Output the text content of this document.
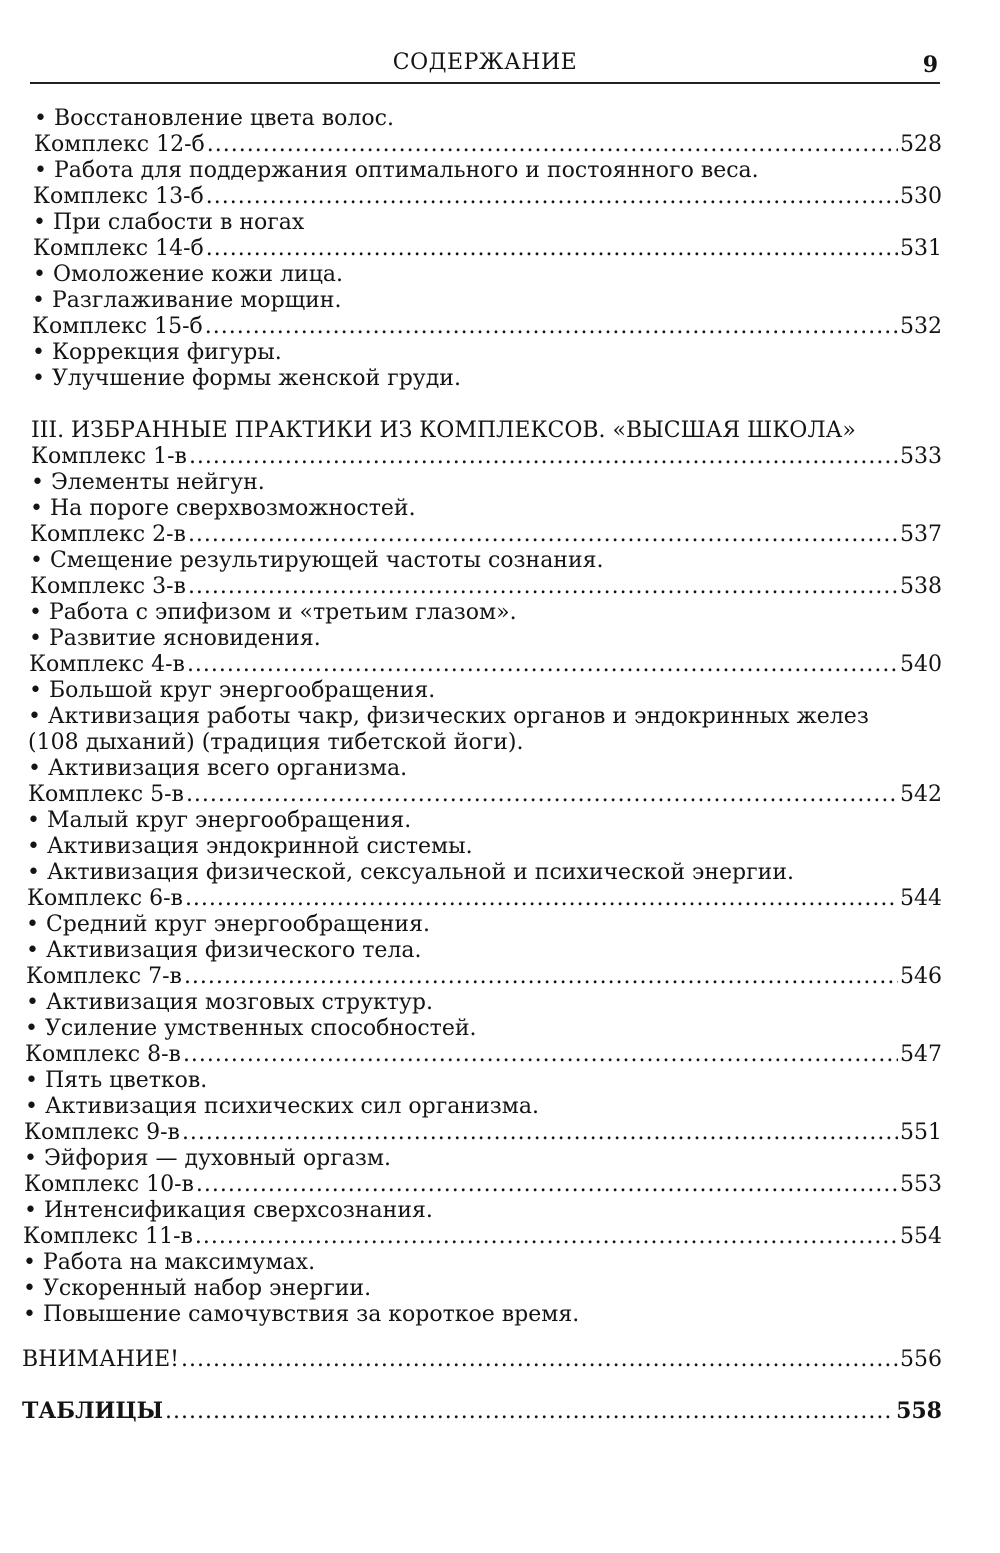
СОДЕРЖАНИЕ	9
• Восстановление цвета волос.
Комплекс 12-б .....	528
• Работа для поддержания оптимального и постоянного веса.
Комплекс 13-б .....	530
• При слабости в ногах
Комплекс 14-б .....	531
• Омоложение кожи лица.
• Разглаживание морщин.
Комплекс 15-б .....	532
• Коррекция фигуры.
• Улучшение формы женской груди.
III. ИЗБРАННЫЕ ПРАКТИКИ ИЗ КОМПЛЕКСОВ. «ВЫСШАЯ ШКОЛА»
Комплекс 1-в .....	533
• Элементы нейгун.
• На пороге сверхвозможностей.
Комплекс 2-в .....	537
• Смещение результирующей частоты сознания.
Комплекс 3-в .....	538
• Работа с эпифизом и «третьим глазом».
• Развитие ясновидения.
Комплекс 4-в .....	540
• Большой круг энергообращения.
• Активизация работы чакр, физических органов и эндокринных желез
(108 дыханий) (традиция тибетской йоги).
• Активизация всего организма.
Комплекс 5-в .....	542
• Малый круг энергообращения.
• Активизация эндокринной системы.
• Активизация физической, сексуальной и психической энергии.
Комплекс 6-в .....	544
• Средний круг энергообращения.
• Активизация физического тела.
Комплекс 7-в .....	546
• Активизация мозговых структур.
• Усиление умственных способностей.
Комплекс 8-в .....	547
• Пять цветков.
• Активизация психических сил организма.
Комплекс 9-в .....	551
• Эйфория — духовный оргазм.
Комплекс 10-в .....	553
• Интенсификация сверхсознания.
Комплекс 11-в .....	554
• Работа на максимумах.
• Ускоренный набор энергии.
• Повышение самочувствия за короткое время.
ВНИМАНИЕ! .....	556
ТАБЛИЦЫ .....	558
